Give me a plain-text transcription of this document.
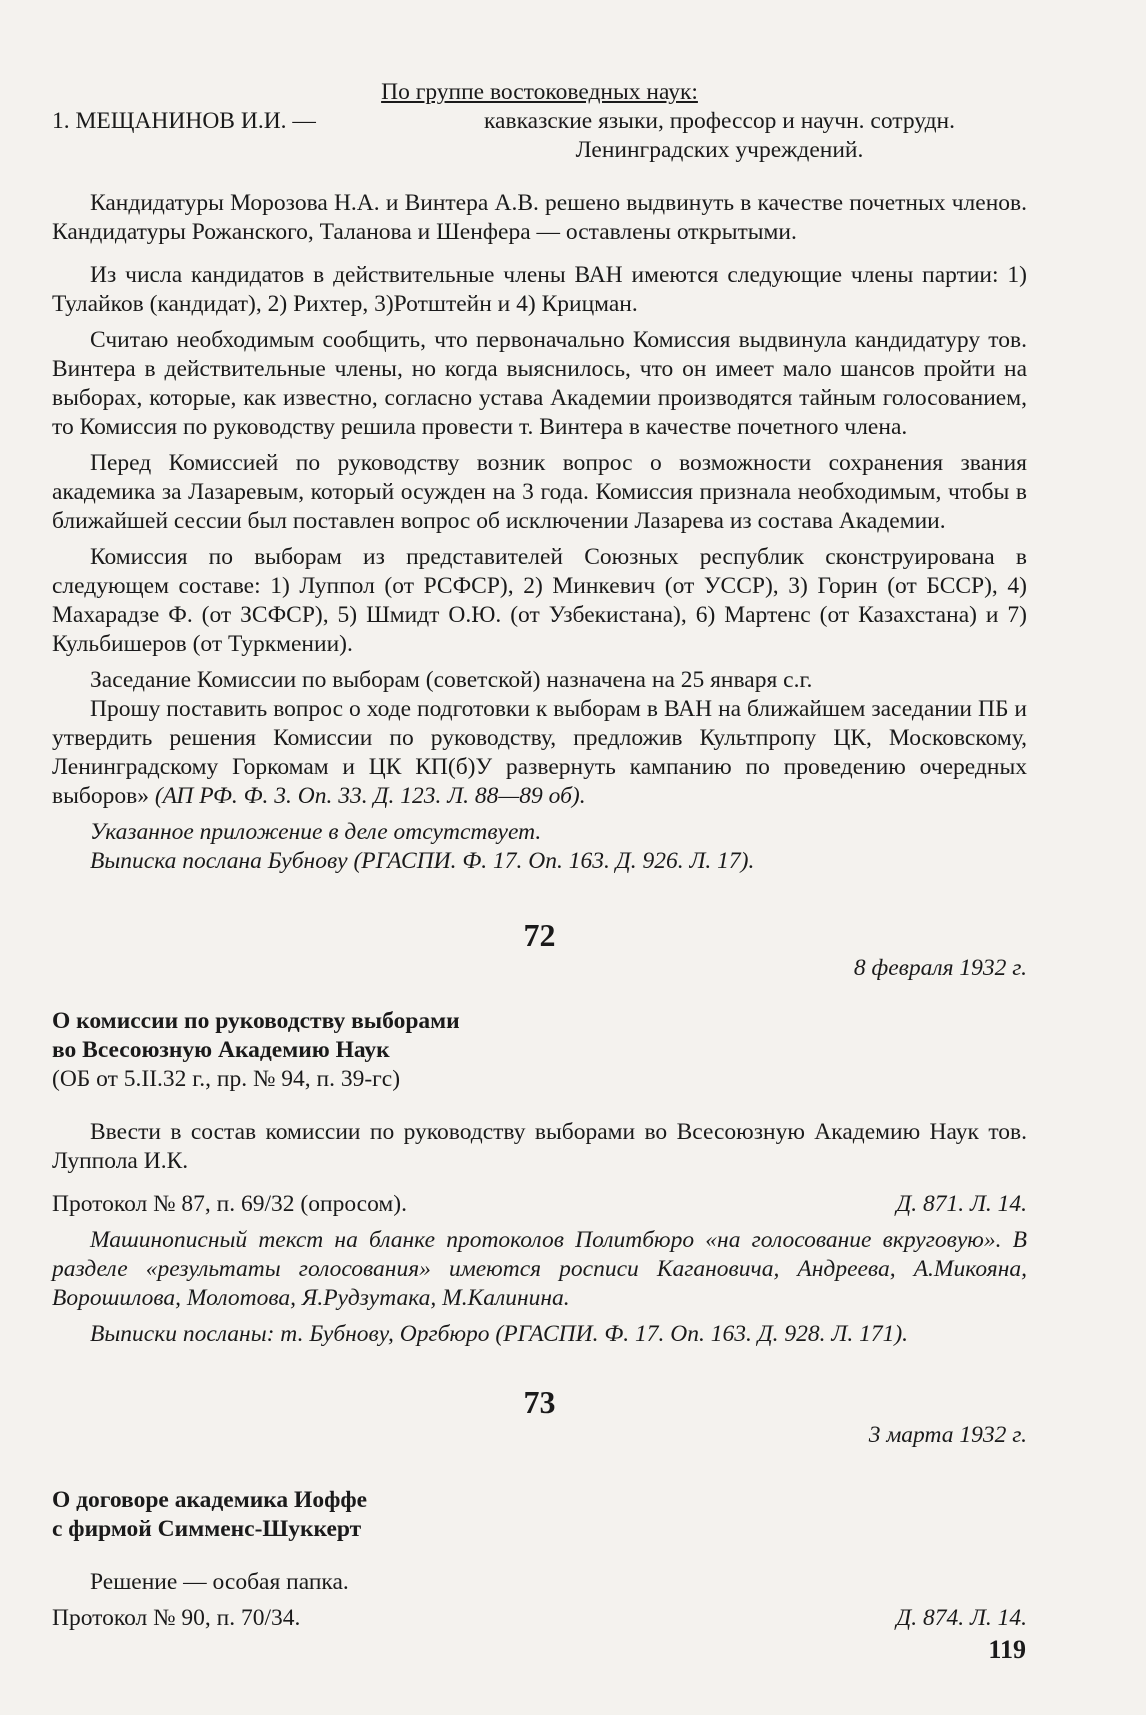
По группе востоковедных наук:

1. МЕЩАНИНОВ И.И. —	кавказские языки, профессор и научн. сотрудн.
Ленинградских учреждений.

Кандидатуры Морозова Н.А. и Винтера А.В. решено выдвинуть в качестве почетных членов. Кандидатуры Рожанского, Таланова и Шенфера — оставлены открытыми.

Из числа кандидатов в действительные члены ВАН имеются следующие члены партии: 1) Тулайков (кандидат), 2) Рихтер, 3)Ротштейн и 4) Крицман.

Считаю необходимым сообщить, что первоначально Комиссия выдвинула кандидатуру тов. Винтера в действительные члены, но когда выяснилось, что он имеет мало шансов пройти на выборах, которые, как известно, согласно устава Академии производятся тайным голосованием, то Комиссия по руководству решила провести т. Винтера в качестве почетного члена.

Перед Комиссией по руководству возник вопрос о возможности сохранения звания академика за Лазаревым, который осужден на 3 года. Комиссия признала необходимым, чтобы в ближайшей сессии был поставлен вопрос об исключении Лазарева из состава Академии.

Комиссия по выборам из представителей Союзных республик сконструирована в следующем составе: 1) Луппол (от РСФСР), 2) Минкевич (от УССР), 3) Горин (от БССР), 4) Махарадзе Ф. (от ЗСФСР), 5) Шмидт О.Ю. (от Узбекистана), 6) Мартенс (от Казахстана) и 7) Кульбишеров (от Туркмении).

Заседание Комиссии по выборам (советской) назначена на 25 января с.г.

Прошу поставить вопрос о ходе подготовки к выборам в ВАН на ближайшем заседании ПБ и утвердить решения Комиссии по руководству, предложив Культпропу ЦК, Московскому, Ленинградскому Горкомам и ЦК КП(б)У развернуть кампанию по проведению очередных выборов» (АП РФ. Ф. 3. Оп. 33. Д. 123. Л. 88—89 об).

Указанное приложение в деле отсутствует.

Выписка послана Бубнову (РГАСПИ. Ф. 17. Оп. 163. Д. 926. Л. 17).

72

8 февраля 1932 г.

О комиссии по руководству выборами
во Всесоюзную Академию Наук

(ОБ от 5.II.32 г., пр. № 94, п. 39-гс)

Ввести в состав комиссии по руководству выборами во Всесоюзную Академию Наук тов. Луппола И.К.

Протокол № 87, п. 69/32 (опросом).	Д. 871. Л. 14.

Машинописный текст на бланке протоколов Политбюро «на голосование вкруговую». В разделе «результаты голосования» имеются росписи Кагановича, Андреева, А.Микояна, Ворошилова, Молотова, Я.Рудзутака, М.Калинина.

Выписки посланы: т. Бубнову, Оргбюро (РГАСПИ. Ф. 17. Оп. 163. Д. 928. Л. 171).

73

3 марта 1932 г.

О договоре академика Иоффе
с фирмой Симменс-Шуккерт

Решение — особая папка.

Протокол № 90, п. 70/34.	Д. 874. Л. 14.
119
